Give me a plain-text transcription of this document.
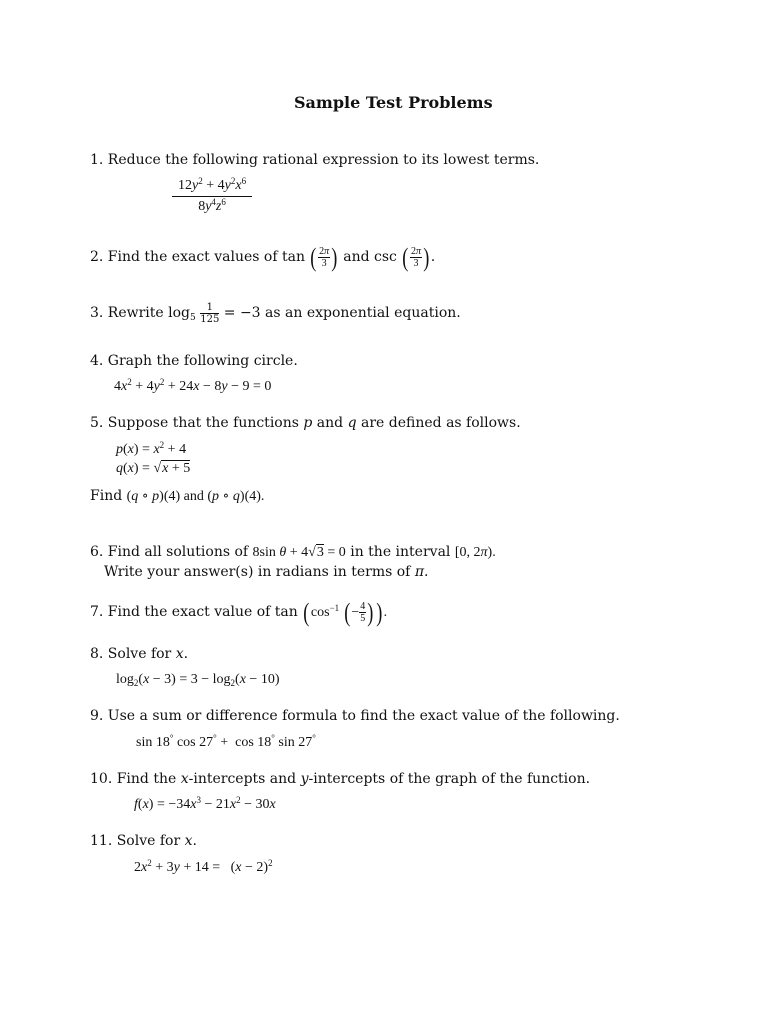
Sample Test Problems
1. Reduce the following rational expression to its lowest terms.
$\frac{12y^2 + 4y^2x^6}{8y^4z^6}$
2. Find the exact values of tan ( $\frac{2\pi}{3}$ ) and csc ( $\frac{2\pi}{3}$ ).
3. Rewrite $\log_5 \frac{1}{125} = -3$ as an exponential equation.
4. Graph the following circle.
$4x^2 + 4y^2 + 24x - 8y - 9 = 0$
5. Suppose that the functions p and q are defined as follows.
$p(x) = x^2 + 4$
q(x) = √x + 5
Find (q ∘ p)(4) and (p ∘ q)(4).
6. Find all solutions of 8sin θ + 4√3 = 0 in the interval [0, 2π).
Write your answer(s) in radians in terms of π.
7. Find the exact value of $\tan (\cos^{-1}$ (− $\frac{4}{5}$ ) ).
8. Solve for x.
$\log_2(x - 3) = 3 - \log_2(x - 10)$
9. Use a sum or difference formula to find the exact value of the following.
sin 18° cos 27° +  cos 18° sin 27°
10. Find the x-intercepts and y-intercepts of the graph of the function.
$f(x) = -34x^3 - 21x^2 - 30x$
11. Solve for x.
$2x^2 + 3y + 14 = (x - 2)^2$
